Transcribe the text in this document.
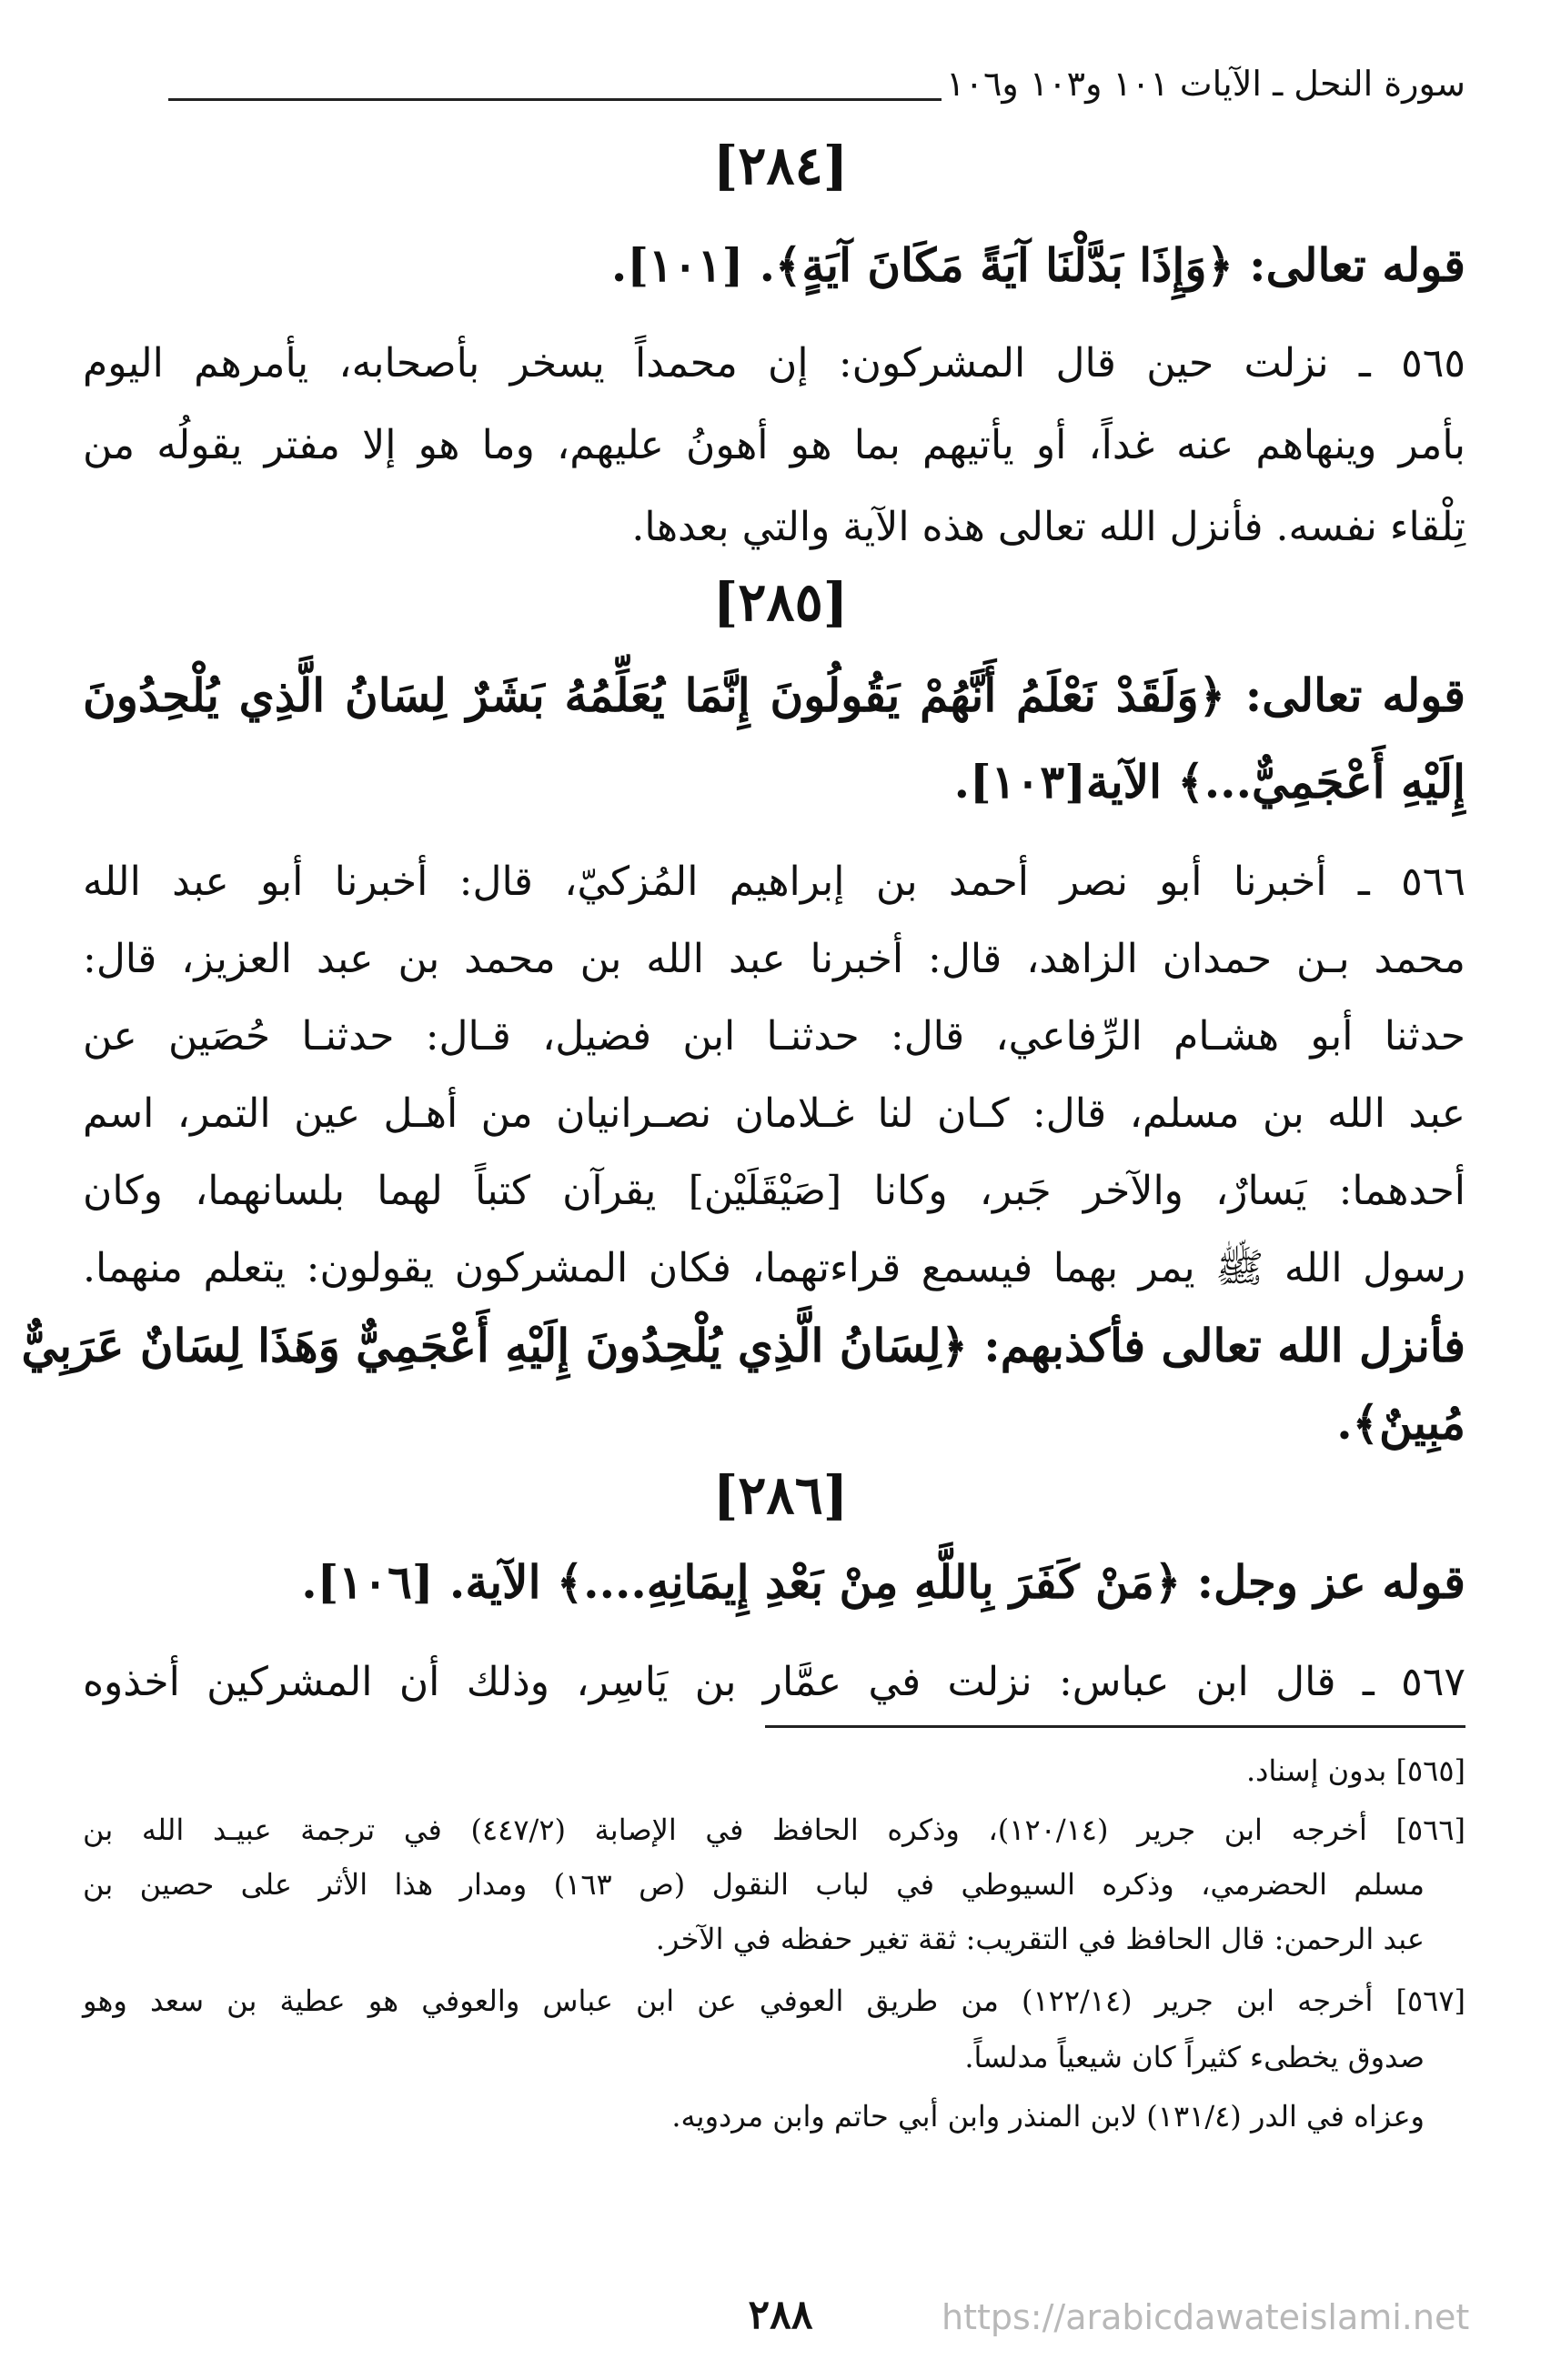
سورة النحل ـ الآيات ١٠١ و١٠٣ و١٠٦
[٢٨٤]
قوله تعالى: ﴿وَإِذَا بَدَّلْنَا آيَةً مَكَانَ آيَةٍ﴾. [١٠١].
٥٦٥ ـ نزلت حين قال المشركون: إن محمداً يسخر بأصحابه، يأمرهم اليوم
بأمر وينهاهم عنه غداً، أو يأتيهم بما هو أهونُ عليهم، وما هو إلا مفتر يقولُه من
تِلْقاء نفسه. فأنزل الله تعالى هذه الآية والتي بعدها.
[٢٨٥]
قوله تعالى: ﴿وَلَقَدْ نَعْلَمُ أَنَّهُمْ يَقُولُونَ إِنَّمَا يُعَلِّمُهُ بَشَرٌ لِسَانُ الَّذِي يُلْحِدُونَ
إِلَيْهِ أَعْجَمِيٌّ...﴾ الآية[١٠٣].
٥٦٦ ـ أخبرنا أبو نصر أحمد بن إبراهيم المُزكيّ، قال: أخبرنا أبو عبد الله
محمد بـن حمدان الزاهد، قال: أخبرنا عبد الله بن محمد بن عبد العزيز، قال:
حدثنا أبو هشـام الرِّفاعي، قال: حدثنـا ابن فضيل، قـال: حدثنـا حُصَين عن
عبد الله بن مسلم، قال: كـان لنا غـلامان نصـرانيان من أهـل عين التمر، اسم
أحدهما: يَسارٌ، والآخر جَبر، وكانا [صَيْقَلَيْن] يقرآن كتباً لهما بلسانهما، وكان
رسول الله ﷺ يمر بهما فيسمع قراءتهما، فكان المشركون يقولون: يتعلم منهما.
فأنزل الله تعالى فأكذبهم: ﴿لِسَانُ الَّذِي يُلْحِدُونَ إِلَيْهِ أَعْجَمِيٌّ وَهَذَا لِسَانٌ عَرَبِيٌّ
مُبِينٌ﴾.
[٢٨٦]
قوله عز وجل: ﴿مَنْ كَفَرَ بِاللَّهِ مِنْ بَعْدِ إِيمَانِهِ....﴾ الآية. [١٠٦].
٥٦٧ ـ قال ابن عباس: نزلت في عمَّار بن يَاسِر، وذلك أن المشركين أخذوه
[٥٦٥] بدون إسناد.
[٥٦٦] أخرجه ابن جرير (١٢٠/١٤)، وذكره الحافظ في الإصابة (٤٤٧/٢) في ترجمة عبيـد الله بن
مسلم الحضرمي، وذكره السيوطي في لباب النقول (ص ١٦٣) ومدار هذا الأثر على حصين بن
عبد الرحمن: قال الحافظ في التقريب: ثقة تغير حفظه في الآخر.
[٥٦٧] أخرجه ابن جرير (١٢٢/١٤) من طريق العوفي عن ابن عباس والعوفي هو عطية بن سعد وهو
صدوق يخطىء كثيراً كان شيعياً مدلساً.
وعزاه في الدر (١٣١/٤) لابن المنذر وابن أبي حاتم وابن مردويه.
٢٨٨	https://arabicdawateislami.net
